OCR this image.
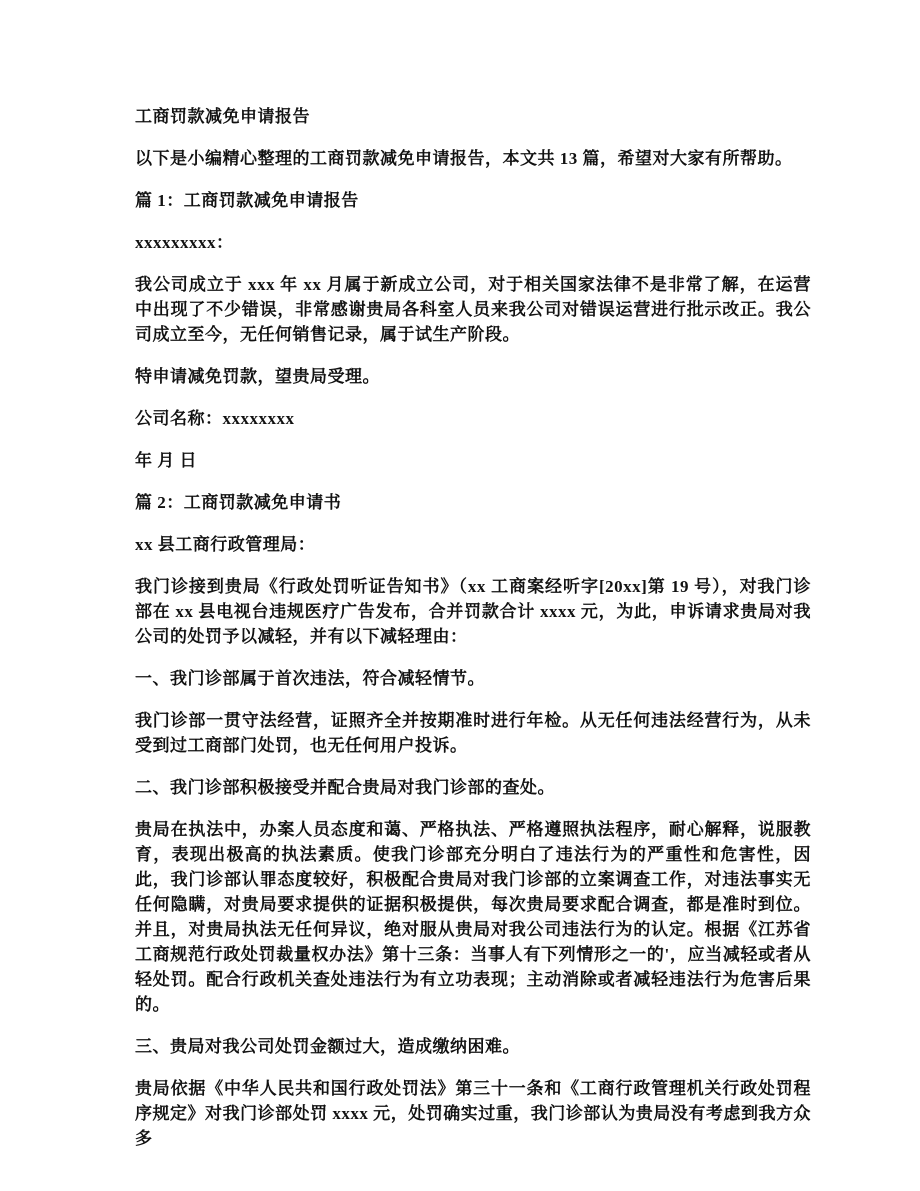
工商罚款减免申请报告

以下是小编精心整理的工商罚款减免申请报告，本文共 13 篇，希望对大家有所帮助。

篇 1：工商罚款减免申请报告

xxxxxxxxx：

我公司成立于 xxx 年 xx 月属于新成立公司，对于相关国家法律不是非常了解，在运营中出现了不少错误，非常感谢贵局各科室人员来我公司对错误运营进行批示改正。我公司成立至今，无任何销售记录，属于试生产阶段。

特申请减免罚款，望贵局受理。

公司名称：xxxxxxxx

年 月 日

篇 2：工商罚款减免申请书

xx 县工商行政管理局：

我门诊接到贵局《行政处罚听证告知书》（xx 工商案经听字[20xx]第 19 号），对我门诊部在 xx 县电视台违规医疗广告发布，合并罚款合计 xxxx 元，为此，申诉请求贵局对我公司的处罚予以减轻，并有以下减轻理由：

一、我门诊部属于首次违法，符合减轻情节。

我门诊部一贯守法经营，证照齐全并按期准时进行年检。从无任何违法经营行为，从未受到过工商部门处罚，也无任何用户投诉。

二、我门诊部积极接受并配合贵局对我门诊部的查处。

贵局在执法中，办案人员态度和蔼、严格执法、严格遵照执法程序，耐心解释，说服教育，表现出极高的执法素质。使我门诊部充分明白了违法行为的严重性和危害性，因此，我门诊部认罪态度较好，积极配合贵局对我门诊部的立案调查工作，对违法事实无任何隐瞒，对贵局要求提供的证据积极提供，每次贵局要求配合调查，都是准时到位。并且，对贵局执法无任何异议，绝对服从贵局对我公司违法行为的认定。根据《江苏省工商规范行政处罚裁量权办法》第十三条：当事人有下列情形之一的'，应当减轻或者从轻处罚。配合行政机关查处违法行为有立功表现；主动消除或者减轻违法行为危害后果的。

三、贵局对我公司处罚金额过大，造成缴纳困难。

贵局依据《中华人民共和国行政处罚法》第三十一条和《工商行政管理机关行政处罚程序规定》对我门诊部处罚 xxxx 元，处罚确实过重，我门诊部认为贵局没有考虑到我方众多
